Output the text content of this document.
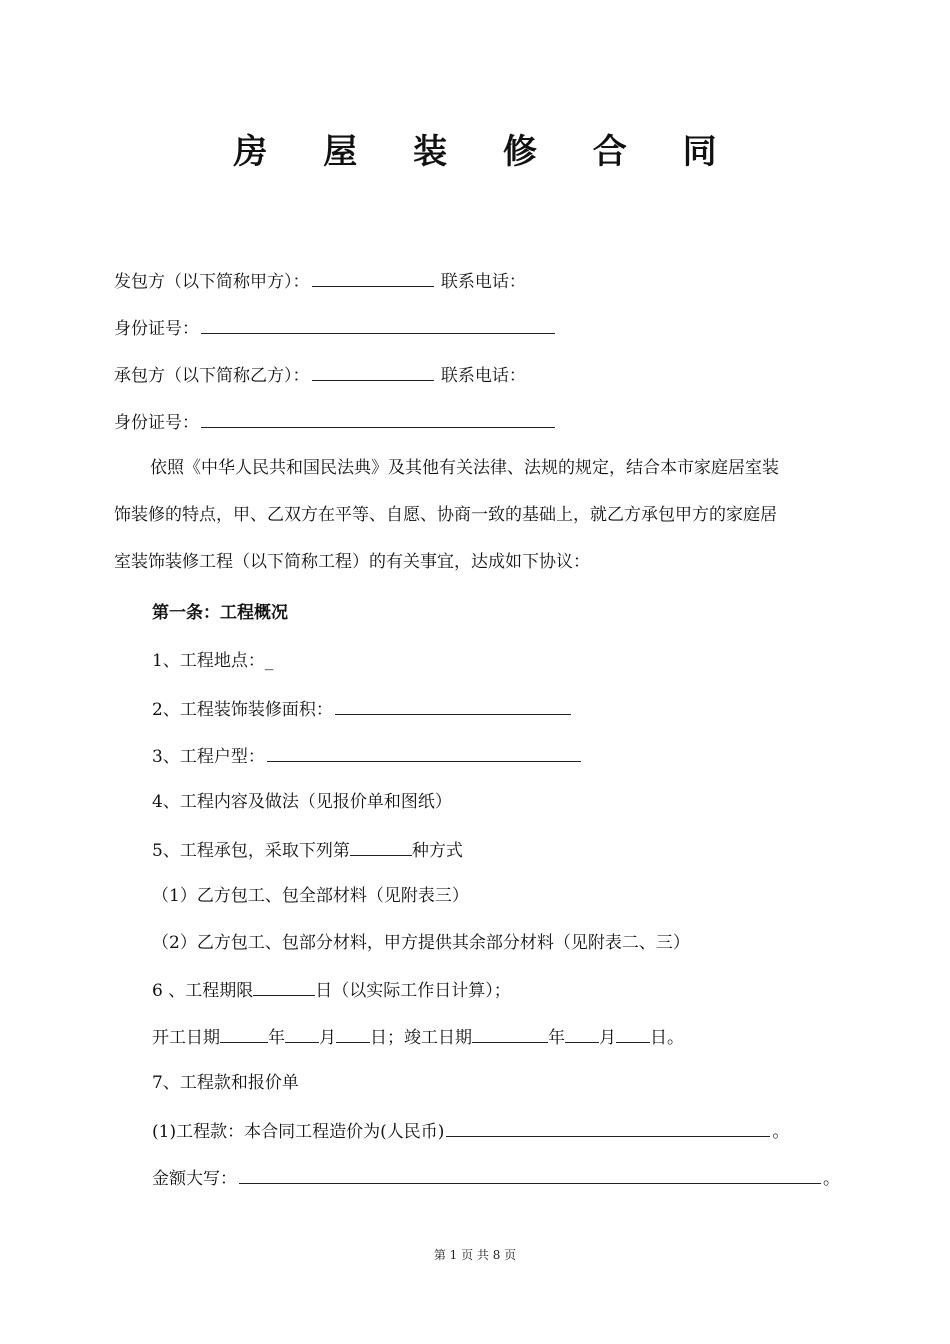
房 屋 装 修 合 同
发包方（以下简称甲方）：	联系电话：
身份证号：
承包方（以下简称乙方）：	联系电话：
身份证号：
依照《中华人民共和国民法典》及其他有关法律、法规的规定，结合本市家庭居室装
饰装修的特点，甲、乙双方在平等、自愿、协商一致的基础上，就乙方承包甲方的家庭居
室装饰装修工程（以下简称工程）的有关事宜，达成如下协议：
第一条：工程概况
1、工程地点：_
2、工程装饰装修面积：
3、工程户型：
4、工程内容及做法（见报价单和图纸）
5、工程承包，采取下列第	种方式
（1）乙方包工、包全部材料（见附表三）
（2）乙方包工、包部分材料，甲方提供其余部分材料（见附表二、三）
6 、工程期限	日（以实际工作日计算）；
开工日期	年 月 日；竣工日期	年 月 日。
7、工程款和报价单
(1)工程款：本合同工程造价为(人民币)	。
金额大写：	。
第 1 页 共 8 页
